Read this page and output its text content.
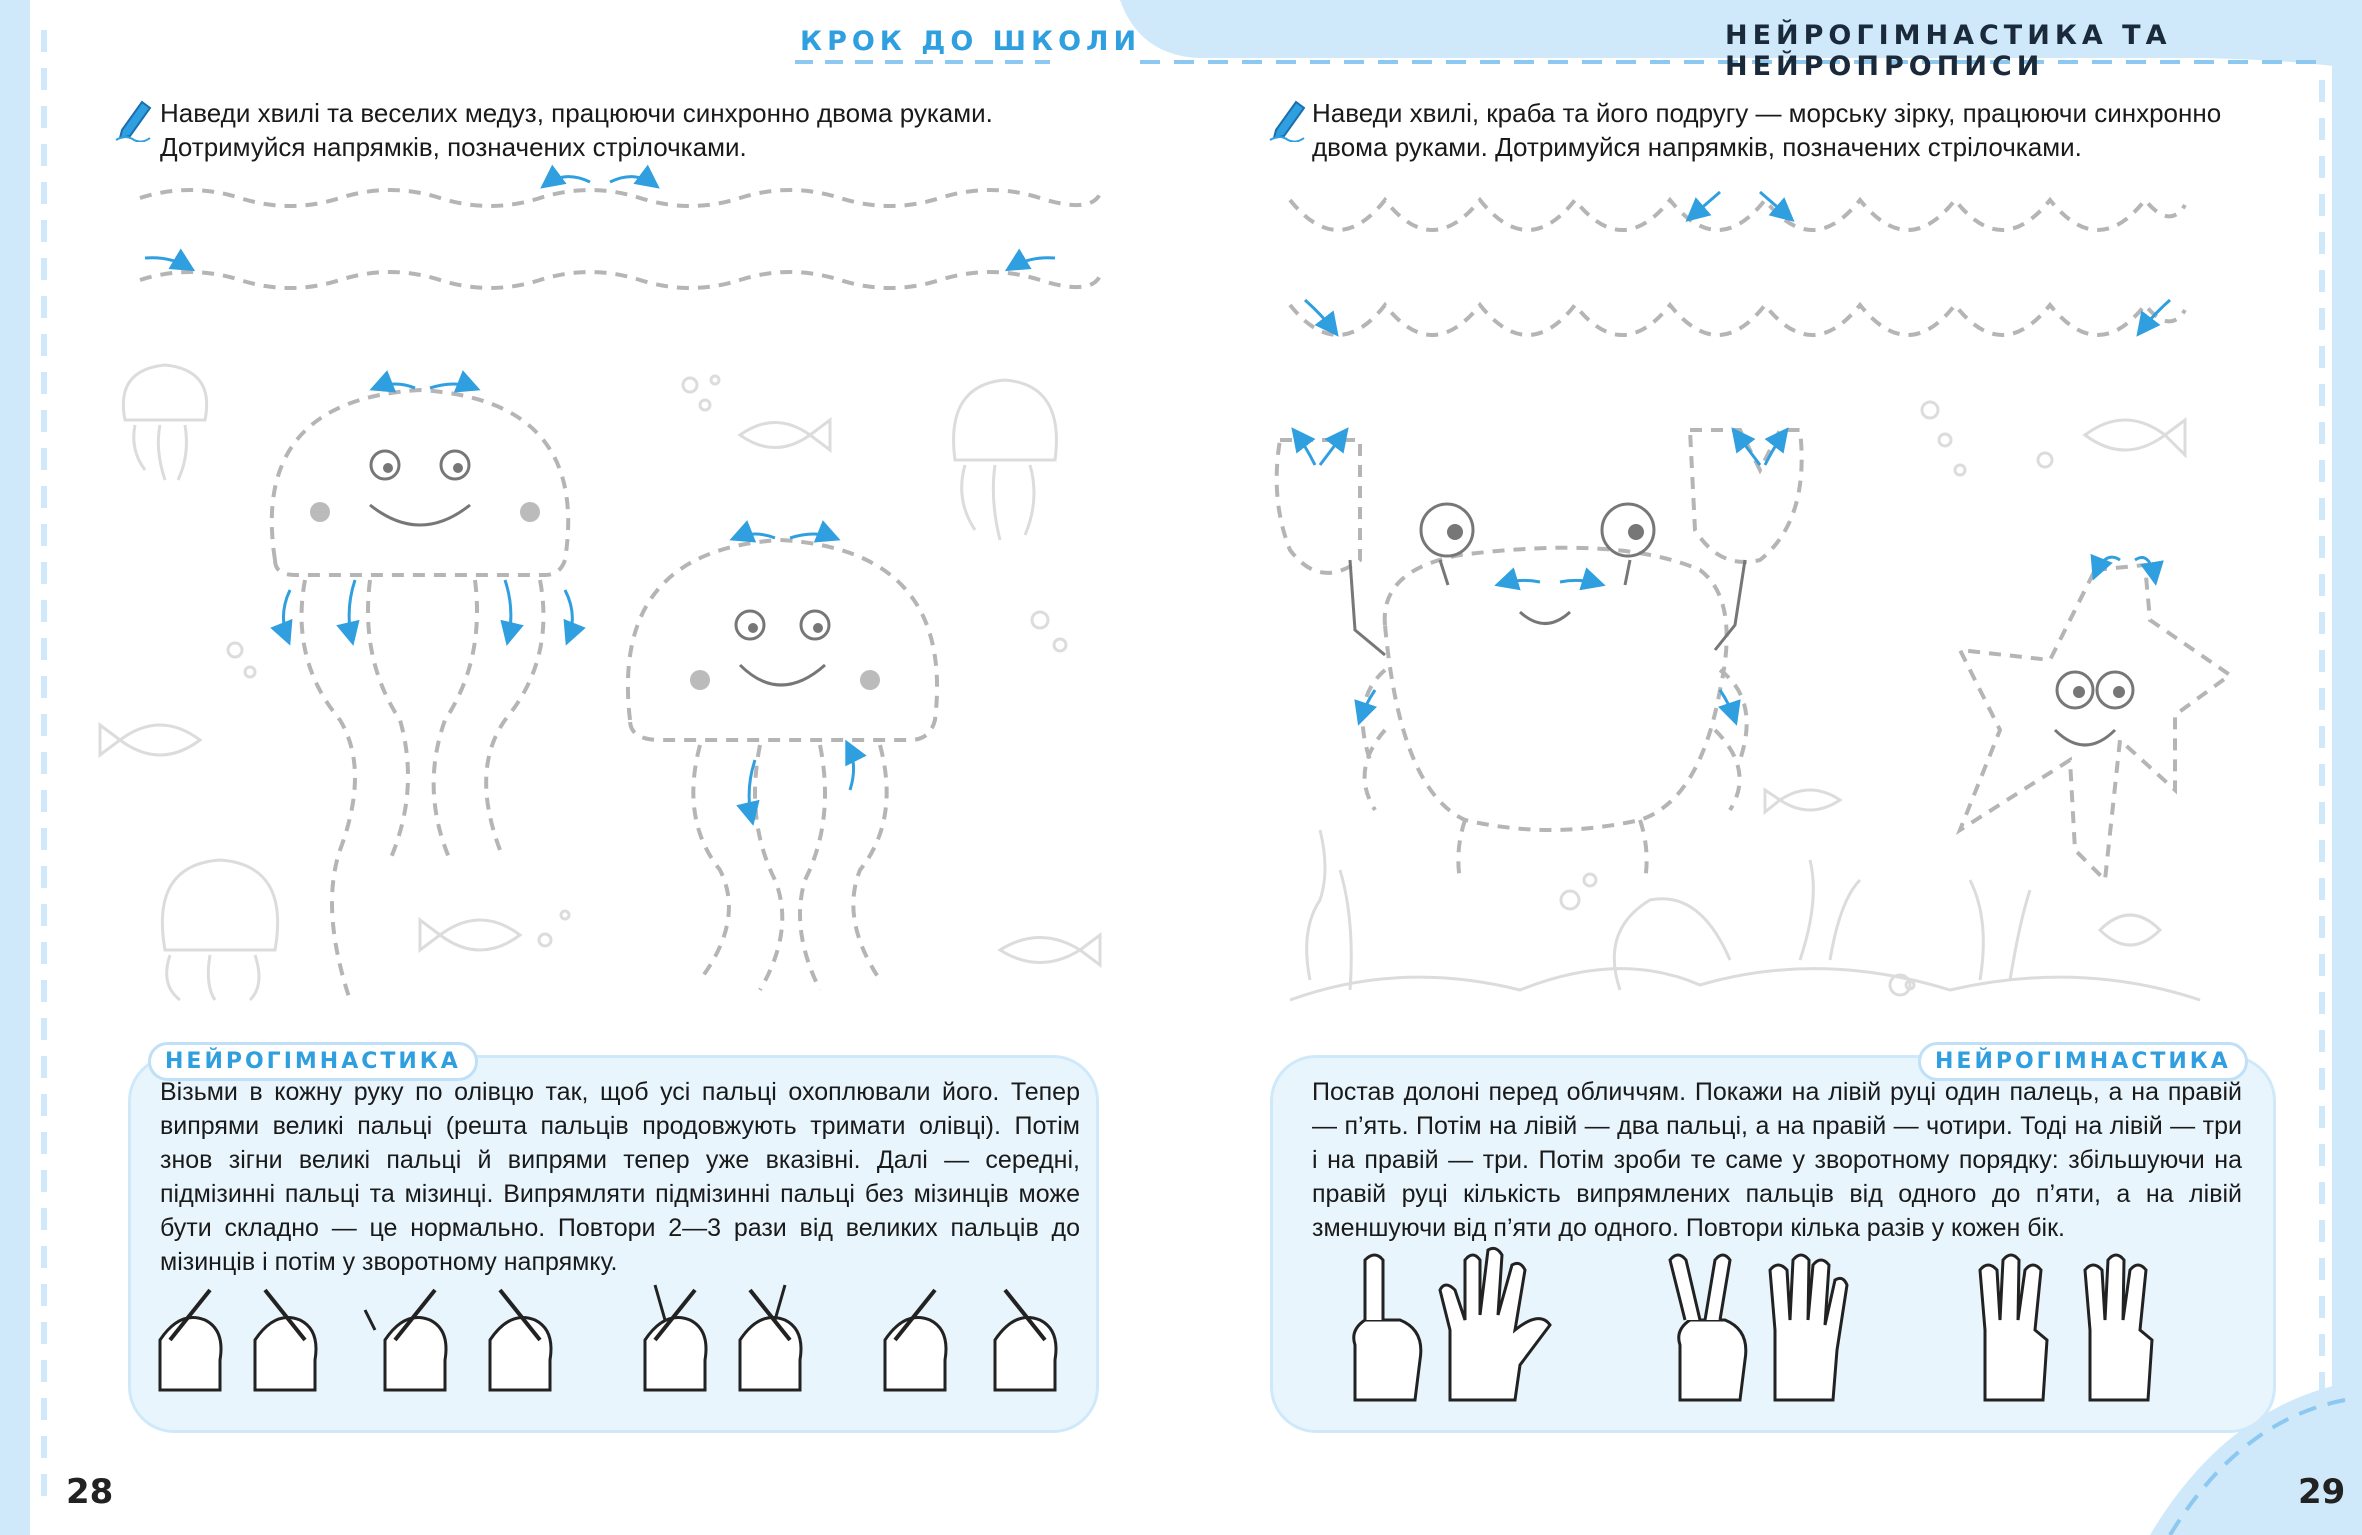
КРОК ДО ШКОЛИ	НЕЙРОГІМНАСТИКА ТА НЕЙРОПРОПИСИ
Наведи хвилі та веселих медуз, працюючи синхронно двома руками. Дотримуйся напрямків, позначених стрілочками.
Наведи хвилі, краба та його подругу — морську зірку, працюючи синхронно двома руками. Дотримуйся напрямків, позначених стрілочками.
НЕЙРОГІМНАСТИКА
Візьми в кожну руку по олівцю так, щоб усі пальці охоплювали його. Тепер випрями великі пальці (решта пальців продовжують тримати олівці). Потім знов зігни великі пальці й випрями тепер уже вказівні. Далі — середні, підмізинні пальці та мізинці. Випрямляти підмізинні пальці без мізинців може бути складно — це нормально. Повтори 2—3 рази від великих пальців до мізинців і потім у зворотному напрямку.
НЕЙРОГІМНАСТИКА
Постав долоні перед обличчям. Покажи на лівій руці один палець, а на правій — п’ять. Потім на лівій — два пальці, а на правій — чотири. Тоді на лівій — три і на правій — три. Потім зроби те саме у зворотному порядку: збільшуючи на правій руці кількість випрямлених пальців від одного до п’яти, а на лівій зменшуючи від п’яти до одного. Повтори кілька разів у кожен бік.
28	29
